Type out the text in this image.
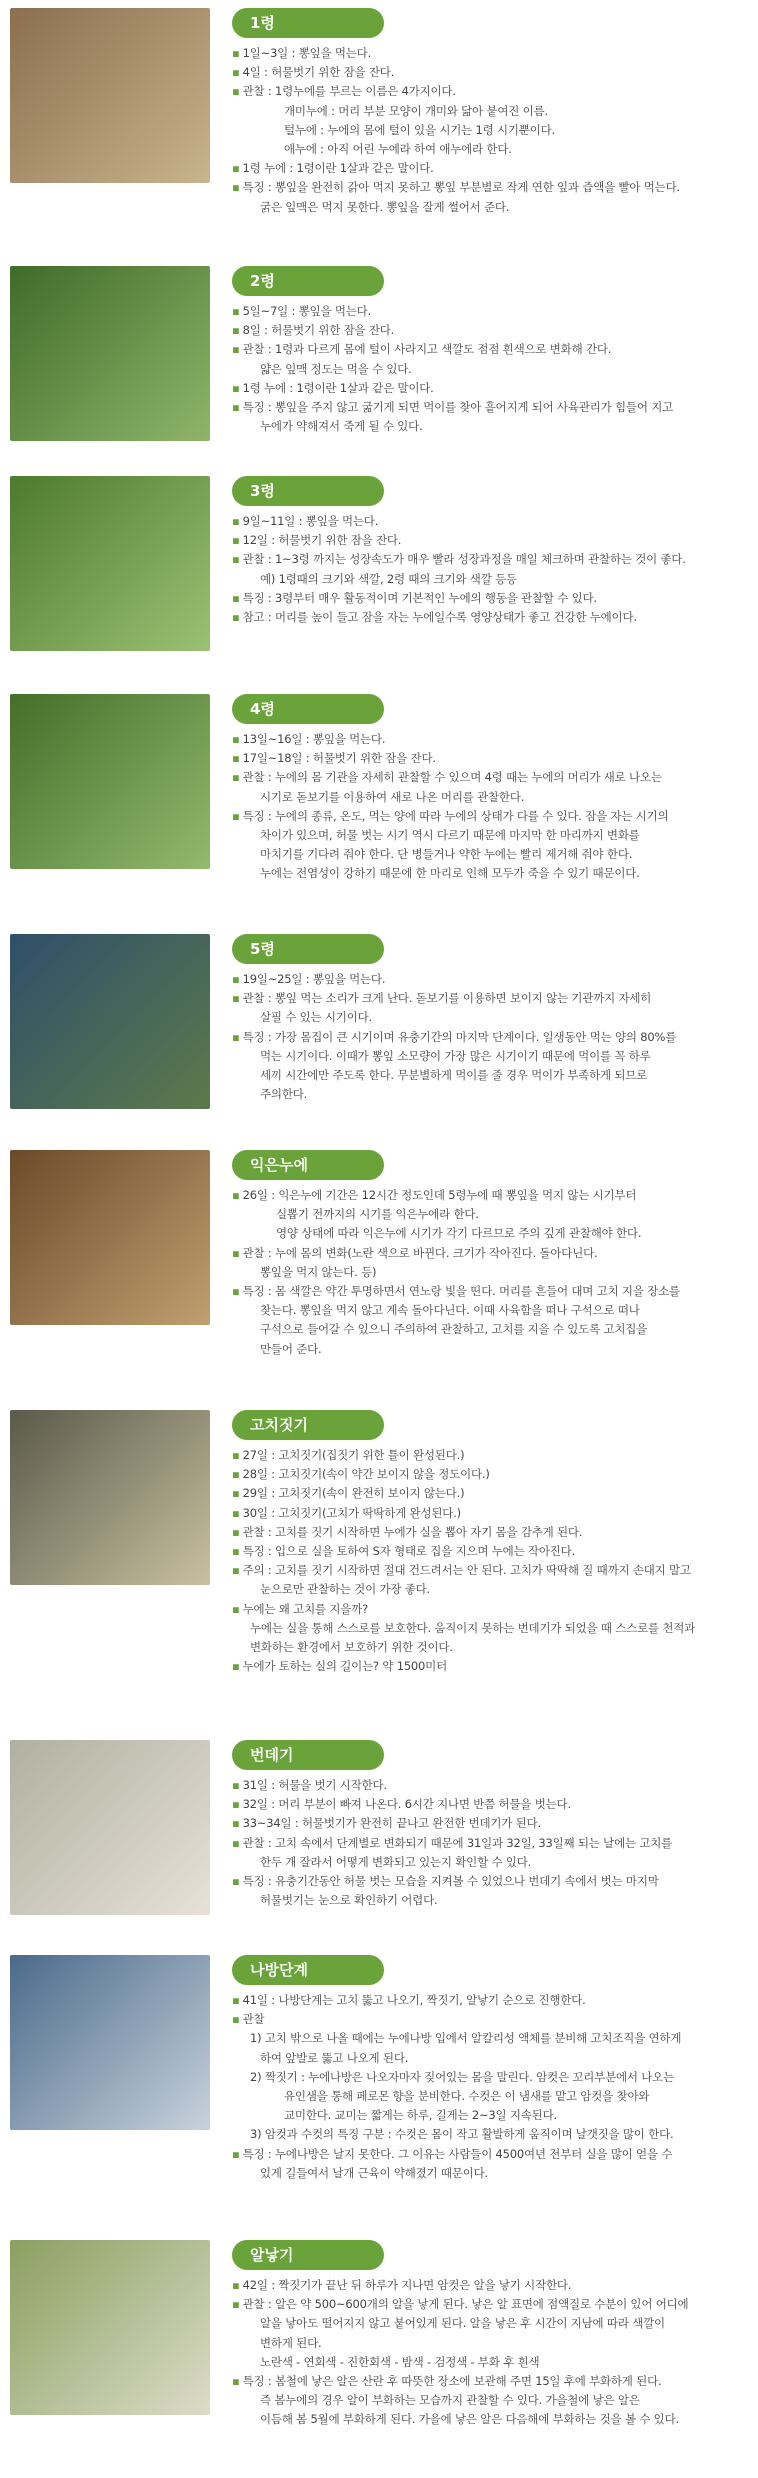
1령
▪ 1일~3일 : 뽕잎을 먹는다.
▪ 4일 : 허물벗기 위한 잠을 잔다.
▪ 관찰 : 1령누에를 부르는 이름은 4가지이다.
개미누에 : 머리 부분 모양이 개미와 닮아 붙여진 이름.
털누에 : 누에의 몸에 털이 있을 시기는 1령 시기뿐이다.
애누에 : 아직 어린 누에라 하여 애누에라 한다.
▪ 1령 누에 : 1령이란 1살과 같은 말이다.
▪ 특징 : 뽕잎을 완전히 갉아 먹지 못하고 뽕잎 부분별로 작게 연한 잎과 즙액을 빨아 먹는다.
굵은 잎맥은 먹지 못한다. 뽕잎을 잘게 썰어서 준다.
2령
▪ 5일~7일 : 뽕잎을 먹는다.
▪ 8일 : 허물벗기 위한 잠을 잔다.
▪ 관찰 : 1령과 다르게 몸에 털이 사라지고 색깔도 점점 흰색으로 변화해 간다.
얇은 잎맥 정도는 먹을 수 있다.
▪ 1령 누에 : 1령이란 1살과 같은 말이다.
▪ 특징 : 뽕잎을 주지 않고 굶기게 되면 먹이를 찾아 흩어지게 되어 사육관리가 힘들어 지고
누에가 약해져서 죽게 될 수 있다.
3령
▪ 9일~11일 : 뽕잎을 먹는다.
▪ 12일 : 허물벗기 위한 잠을 잔다.
▪ 관찰 : 1~3령 까지는 성장속도가 매우 빨라 성장과정을 매일 체크하며 관찰하는 것이 좋다.
예) 1령때의 크기와 색깔, 2령 때의 크기와 색깔 등등
▪ 특징 : 3령부터 매우 활동적이며 기본적인 누에의 행동을 관찰할 수 있다.
▪ 참고 : 머리를 높이 들고 잠을 자는 누에일수록 영양상태가 좋고 건강한 누에이다.
4령
▪ 13일~16일 : 뽕잎을 먹는다.
▪ 17일~18일 : 허물벗기 위한 잠을 잔다.
▪ 관찰 : 누에의 몸 기관을 자세히 관찰할 수 있으며 4령 때는 누에의 머리가 새로 나오는
시기로 돋보기를 이용하여 새로 나온 머리를 관찰한다.
▪ 특징 : 누에의 종류, 온도, 먹는 양에 따라 누에의 상태가 다를 수 있다. 잠을 자는 시기의
차이가 있으며, 허물 벗는 시기 역시 다르기 때문에 마지막 한 마리까지 변화를
마치기를 기다려 줘야 한다. 단 병들거나 약한 누에는 빨리 제거해 줘야 한다.
누에는 전염성이 강하기 때문에 한 마리로 인해 모두가 죽을 수 있기 때문이다.
5령
▪ 19일~25일 : 뽕잎을 먹는다.
▪ 관찰 : 뽕잎 먹는 소리가 크게 난다. 돋보기를 이용하면 보이지 않는 기관까지 자세히
살필 수 있는 시기이다.
▪ 특징 : 가장 몸집이 큰 시기이며 유충기간의 마지막 단계이다. 일생동안 먹는 양의 80%를
먹는 시기이다. 이때가 뽕잎 소모량이 가장 많은 시기이기 때문에 먹이를 꼭 하루
세끼 시간에만 주도록 한다. 무분별하게 먹이를 줄 경우 먹이가 부족하게 되므로
주의한다.
익은누에
▪ 26일 : 익은누에 기간은 12시간 정도인데 5령누에 때 뽕잎을 먹지 않는 시기부터
실뽑기 전까지의 시기를 익은누에라 한다.
영양 상태에 따라 익은누에 시기가 각기 다르므로 주의 깊게 관찰해야 한다.
▪ 관찰 : 누에 몸의 변화(노란 색으로 바뀐다. 크기가 작아진다. 돌아다닌다.
뽕잎을 먹지 않는다. 등)
▪ 특징 : 몸 색깔은 약간 투명하면서 연노랑 빛을 띤다. 머리를 흔들어 대며 고치 지을 장소를
찾는다. 뽕잎을 먹지 않고 계속 돌아다닌다. 이때 사육함을 떠나 구석으로 떠나
구석으로 들어갈 수 있으니 주의하여 관찰하고, 고치를 지을 수 있도록 고치집을
만들어 준다.
고치짓기
▪ 27일 : 고치짓기(집짓기 위한 틀이 완성된다.)
▪ 28일 : 고치짓기(속이 약간 보이지 않을 정도이다.)
▪ 29일 : 고치짓기(속이 완전히 보이지 않는다.)
▪ 30일 : 고치짓기(고치가 딱딱하게 완성된다.)
▪ 관찰 : 고치를 짓기 시작하면 누에가 실을 뽑아 자기 몸을 감추게 된다.
▪ 특징 : 입으로 실을 토하여 S자 형태로 집을 지으며 누에는 작아진다.
▪ 주의 : 고치를 짓기 시작하면 절대 건드려서는 안 된다. 고치가 딱딱해 질 때까지 손대지 말고
눈으로만 관찰하는 것이 가장 좋다.
▪ 누에는 왜 고치를 지을까?
누에는 실을 통해 스스로를 보호한다. 움직이지 못하는 번데기가 되었을 때 스스로를 천적과
변화하는 환경에서 보호하기 위한 것이다.
▪ 누에가 토하는 실의 길이는? 약 1500미터
번데기
▪ 31일 : 허물을 벗기 시작한다.
▪ 32일 : 머리 부분이 빠져 나온다. 6시간 지나면 반쯤 허물을 벗는다.
▪ 33~34일 : 허물벗기가 완전히 끝나고 완전한 번데기가 된다.
▪ 관찰 : 고치 속에서 단계별로 변화되기 때문에 31일과 32일, 33일째 되는 날에는 고치를
한두 개 잘라서 어떻게 변화되고 있는지 확인할 수 있다.
▪ 특징 : 유충기간동안 허물 벗는 모습을 지켜볼 수 있었으나 번데기 속에서 벗는 마지막
허물벗기는 눈으로 확인하기 어렵다.
나방단계
▪ 41일 : 나방단계는 고치 뚫고 나오기, 짝짓기, 알낳기 순으로 진행한다.
▪ 관찰
1) 고치 밖으로 나올 때에는 누에나방 입에서 알칼리성 액체를 분비해 고치조직을 연하게
하여 앞발로 뚫고 나오게 된다.
2) 짝짓기 : 누에나방은 나오자마자 짖어있는 몸을 말린다. 암컷은 꼬리부분에서 나오는
유인샘을 통해 페로몬 향을 분비한다. 수컷은 이 냄새를 맡고 암컷을 찾아와
교미한다. 교미는 짧게는 하루, 길게는 2~3일 지속된다.
3) 암컷과 수컷의 특징 구분 : 수컷은 몸이 작고 활발하게 움직이며 날갯짓을 많이 한다.
▪ 특징 : 누에나방은 날지 못한다. 그 이유는 사람들이 4500여년 전부터 실을 많이 얻을 수
있게 길들여서 날개 근육이 약해졌기 때문이다.
알낳기
▪ 42일 : 짝짓기가 끝난 뒤 하루가 지나면 암컷은 알을 낳기 시작한다.
▪ 관찰 : 알은 약 500~600개의 알을 낳게 된다. 낳은 알 표면에 점액질로 수분이 있어 어디에
알을 낳아도 떨어지지 않고 붙어있게 된다. 알을 낳은 후 시간이 지남에 따라 색깔이
변하게 된다.
노란색 - 연회색 - 진한회색 - 밤색 - 검정색 - 부화 후 흰색
▪ 특징 : 봄철에 낳은 알은 산란 후 따뜻한 장소에 보관해 주면 15일 후에 부화하게 된다.
즉 봄누에의 경우 알이 부화하는 모습까지 관찰할 수 있다. 가을철에 낳은 알은
이듬해 봄 5월에 부화하게 된다. 가을에 낳은 알은 다음해에 부화하는 것을 볼 수 있다.
